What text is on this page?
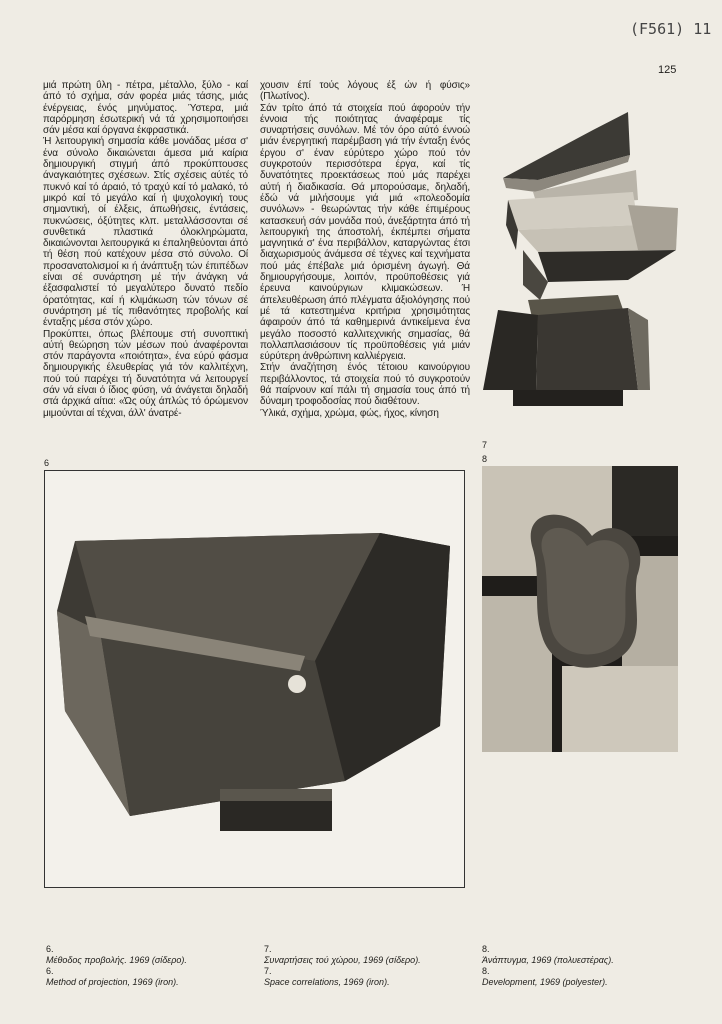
(F561) 11
125

μιά πρώτη ΰλη - πέτρα, μέταλλο, ξύλο - καί άπό τό σχήμα, σάν φορέα μιάς τάσης, μιάς ένέργειας, ένός μηνύματος. Ύστερα, μιά παρόρμηση έσωτερική νά τά χρησιμοποιήσει σάν μέσα καί όργανα έκφραστικά.

Ή λειτουργική σημασία κάθε μονάδας μέσα σ' ένα σύνολο δικαιώνεται άμεσα μιά καίρια δημιουργική στιγμή άπό προκύπτουσες άναγκαιότητες σχέσεων. Στίς σχέσεις αύτές τό πυκνό καί τό άραιό, τό τραχύ καί τό μαλακό, τό μικρό καί τό μεγάλο καί ή ψυχολογική τους σημαντική, οί έλξεις, άπωθήσεις, έντάσεις, πυκνώσεις, όξύτητες κλπ. μεταλλάσσονται σέ συνθετικά πλαστικά όλοκληρώματα, δικαιώνονται λειτουργικά κι έπαληθεύονται άπό τή θέση πού κατέχουν μέσα στό σύνολο. Οί προσανατολισμοί κι ή άνάπτυξη τών έπιπέδων είναι σέ συνάρτηση μέ τήν άνάγκη νά έξασφαλιστεί τό μεγαλύτερο δυνατό πεδίο όρατότητας, καί ή κλιμάκωση τών τόνων σέ συνάρτηση μέ τίς πιθανότητες προβολής καί ένταξης μέσα στόν χώρο.

Προκύπτει, όπως βλέπουμε στή συνοπτική αύτή θεώρηση τών μέσων πού άναφέρονται στόν παράγοντα «ποιότητα», ένα εύρύ φάσμα δημιουργικής έλευθερίας γιά τόν καλλιτέχνη, πού τού παρέχει τή δυνατότητα νά λειτουργεί σάν νά είναι ό ίδιος φύση, νά άνάγεται δηλαδή στά άρχικά αίτια: «Ώς ούχ άπλώς τό όρώμενον μιμούνται αί τέχναι, άλλ' άνατρέ-

χουσιν έπί τούς λόγους έξ ών ή φύσις» (Πλωτίνος).

Σάν τρίτο άπό τά στοιχεία πού άφορούν τήν έννοια τής ποιότητας άναφέραμε τίς συναρτήσεις συνόλων. Μέ τόν όρο αύτό έννοώ μιάν ένεργητική παρέμβαση γιά τήν ένταξη ένός έργου σ' έναν εύρύτερο χώρο πού τόν συγκροτούν περισσότερα έργα, καί τίς δυνατότητες προεκτάσεως πού μάς παρέχει αύτή ή διαδικασία. Θά μπορούσαμε, δηλαδή, έδώ νά μιλήσουμε γιά μιά «πολεοδομία συνόλων» - θεωρώντας τήν κάθε έπιμέρους κατασκευή σάν μονάδα πού, άνεξάρτητα άπό τή λειτουργική της άποστολή, έκπέμπει σήματα μαγνητικά σ' ένα περιβάλλον, καταργώντας έτσι διαχωρισμούς άνάμεσα σέ τέχνες καί τεχνήματα πού μάς έπέβαλε μιά όρισμένη άγωγή. Θά δημιουργήσουμε, λοιπόν, προϋποθέσεις γιά έρευνα καινούργιων κλιμακώσεων. Ή άπελευθέρωση άπό πλέγματα άξιολόγησης πού μέ τά κατεστημένα κριτήρια χρησιμότητας άφαιρούν άπό τά καθημερινά άντικείμενα ένα μεγάλο ποσοστό καλλιτεχνικής σημασίας, θά πολλαπλασιάσουν τίς προϋποθέσεις γιά μιάν εύρύτερη άνθρώπινη καλλιέργεια.

Στήν άναζήτηση ένός τέτοιου καινούργιου περιβάλλοντος, τά στοιχεία πού τό συγκροτούν θά παίρνουν καί πάλι τή σημασία τους άπό τή δύναμη τροφοδοσίας πού διαθέτουν.

Ύλικά, σχήμα, χρώμα, φώς, ήχος, κίνηση

7
8
6
6.
Μέθοδος προβολής. 1969 (σίδερο).
6.
Method of projection, 1969 (iron).
7.
Συναρτήσεις τού χώρου, 1969 (σίδερο).
7.
Space correlations, 1969 (iron).
8.
Άνάπτυγμα, 1969 (πολυεστέρας).
8.
Development, 1969 (polyester).
